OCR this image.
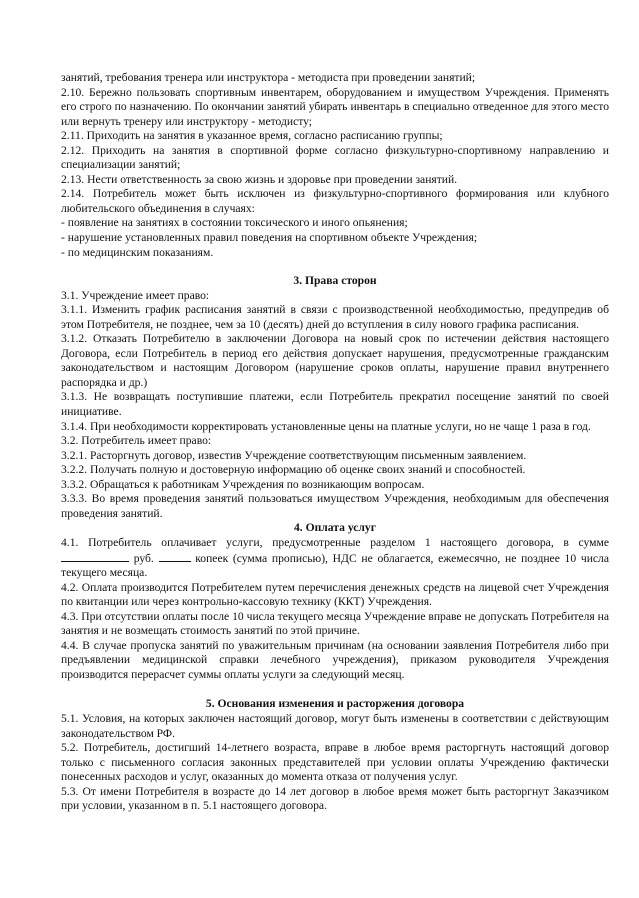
занятий, требования тренера или инструктора - методиста при проведении занятий;

2.10. Бережно пользовать спортивным инвентарем, оборудованием и имуществом Учреждения. Применять его строго по назначению. По окончании занятий убирать инвентарь в специально отведенное для этого место или вернуть тренеру или инструктору - методисту;

2.11. Приходить на занятия в указанное время, согласно расписанию группы;

2.12. Приходить на занятия в спортивной форме согласно физкультурно-спортивному направлению и специализации занятий;

2.13. Нести ответственность за свою жизнь и здоровье при проведении занятий.

2.14. Потребитель может быть исключен из физкультурно-спортивного формирования или клубного любительского объединения в случаях:

- появление на занятиях в состоянии токсического и иного опьянения;

- нарушение установленных правил поведения на спортивном объекте Учреждения;

- по медицинским показаниям.

3. Права сторон

3.1. Учреждение имеет право:

3.1.1. Изменить график расписания занятий в связи с производственной необходимостью, предупредив об этом Потребителя, не позднее, чем за 10 (десять) дней до вступления в силу нового графика расписания.

3.1.2. Отказать Потребителю в заключении Договора на новый срок по истечении действия настоящего Договора, если Потребитель в период его действия допускает нарушения, предусмотренные гражданским законодательством и настоящим Договором (нарушение сроков оплаты, нарушение правил внутреннего распорядка и др.)

3.1.3. Не возвращать поступившие платежи, если Потребитель прекратил посещение занятий по своей инициативе.

3.1.4. При необходимости корректировать установленные цены на платные услуги, но не чаще 1 раза в год.

3.2. Потребитель имеет право:

3.2.1. Расторгнуть договор, известив Учреждение соответствующим письменным заявлением.

3.2.2. Получать полную и достоверную информацию об оценке своих знаний и способностей.

3.3.2. Обращаться к работникам Учреждения по возникающим вопросам.

3.3.3. Во время проведения занятий пользоваться имуществом Учреждения, необходимым для обеспечения проведения занятий.

4. Оплата услуг

4.1. Потребитель оплачивает услуги, предусмотренные разделом 1 настоящего договора, в сумме  руб.	копеек (сумма прописью), НДС не облагается, ежемесячно, не позднее 10 числа текущего месяца.

4.2. Оплата производится Потребителем путем перечисления денежных средств на лицевой счет Учреждения по квитанции или через контрольно-кассовую технику (ККТ) Учреждения.

4.3. При отсутствии оплаты после 10 числа текущего месяца Учреждение вправе не допускать Потребителя на занятия и не возмещать стоимость занятий по этой причине.

4.4. В случае пропуска занятий по уважительным причинам (на основании заявления Потребителя либо при предъявлении медицинской справки лечебного учреждения), приказом руководителя Учреждения производится перерасчет суммы оплаты услуги за следующий месяц.

5. Основания изменения и расторжения договора

5.1. Условия, на которых заключен настоящий договор, могут быть изменены в соответствии с действующим законодательством РФ.

5.2. Потребитель, достигший 14-летнего возраста, вправе в любое время расторгнуть настоящий договор только с письменного согласия законных представителей при условии оплаты Учреждению фактически понесенных расходов и услуг, оказанных до момента отказа от получения услуг.

5.3. От имени Потребителя в возрасте до 14 лет договор в любое время может быть расторгнут Заказчиком при условии, указанном в п. 5.1 настоящего договора.
